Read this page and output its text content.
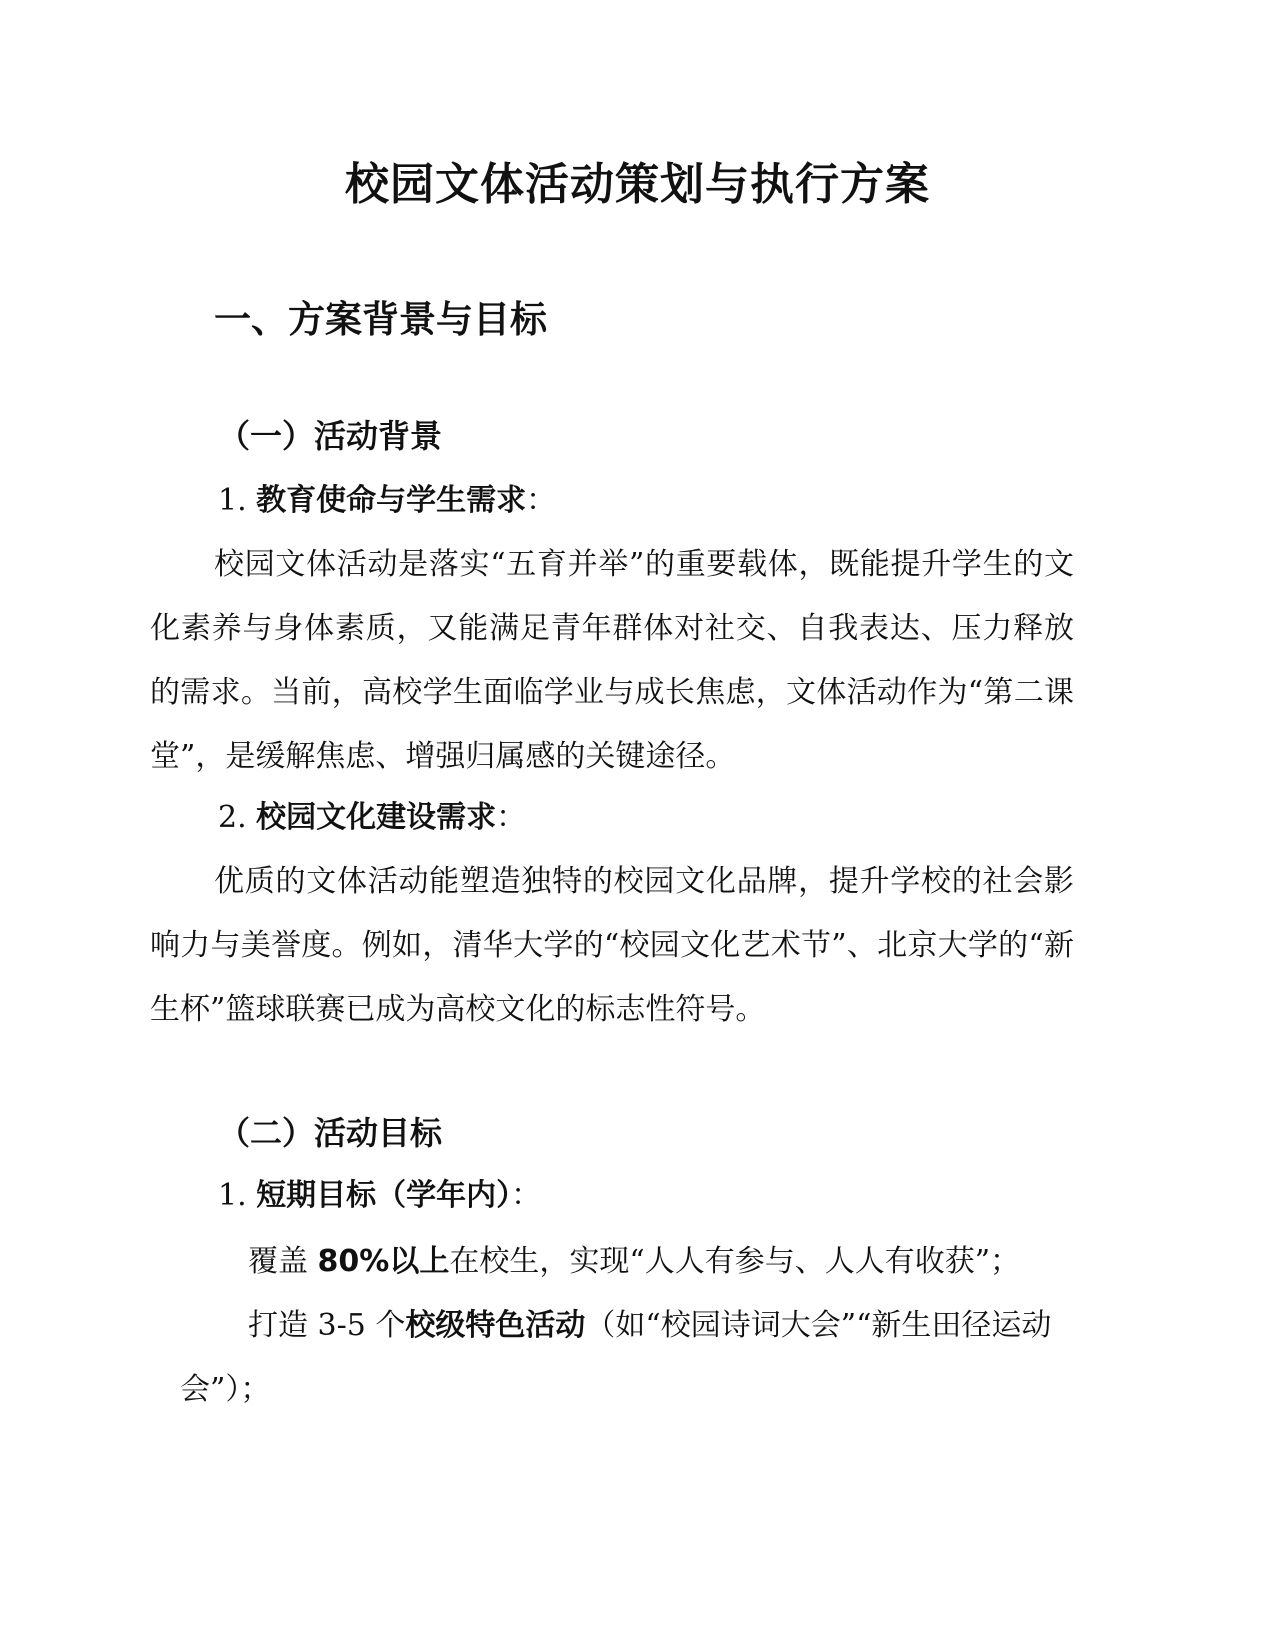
校园文体活动策划与执行方案
一、方案背景与目标
（一）活动背景

1. 教育使命与学生需求：

校园文体活动是落实“五育并举”的重要载体，既能提升学生的文化素养与身体素质，又能满足青年群体对社交、自我表达、压力释放的需求。当前，高校学生面临学业与成长焦虑，文体活动作为“第二课堂”，是缓解焦虑、增强归属感的关键途径。

2. 校园文化建设需求：

优质的文体活动能塑造独特的校园文化品牌，提升学校的社会影响力与美誉度。例如，清华大学的“校园文化艺术节”、北京大学的“新生杯”篮球联赛已成为高校文化的标志性符号。

（二）活动目标

1. 短期目标（学年内）：

覆盖 80%以上在校生，实现“人人有参与、人人有收获”；

打造 3-5 个校级特色活动（如“校园诗词大会”“新生田径运动会”）；
